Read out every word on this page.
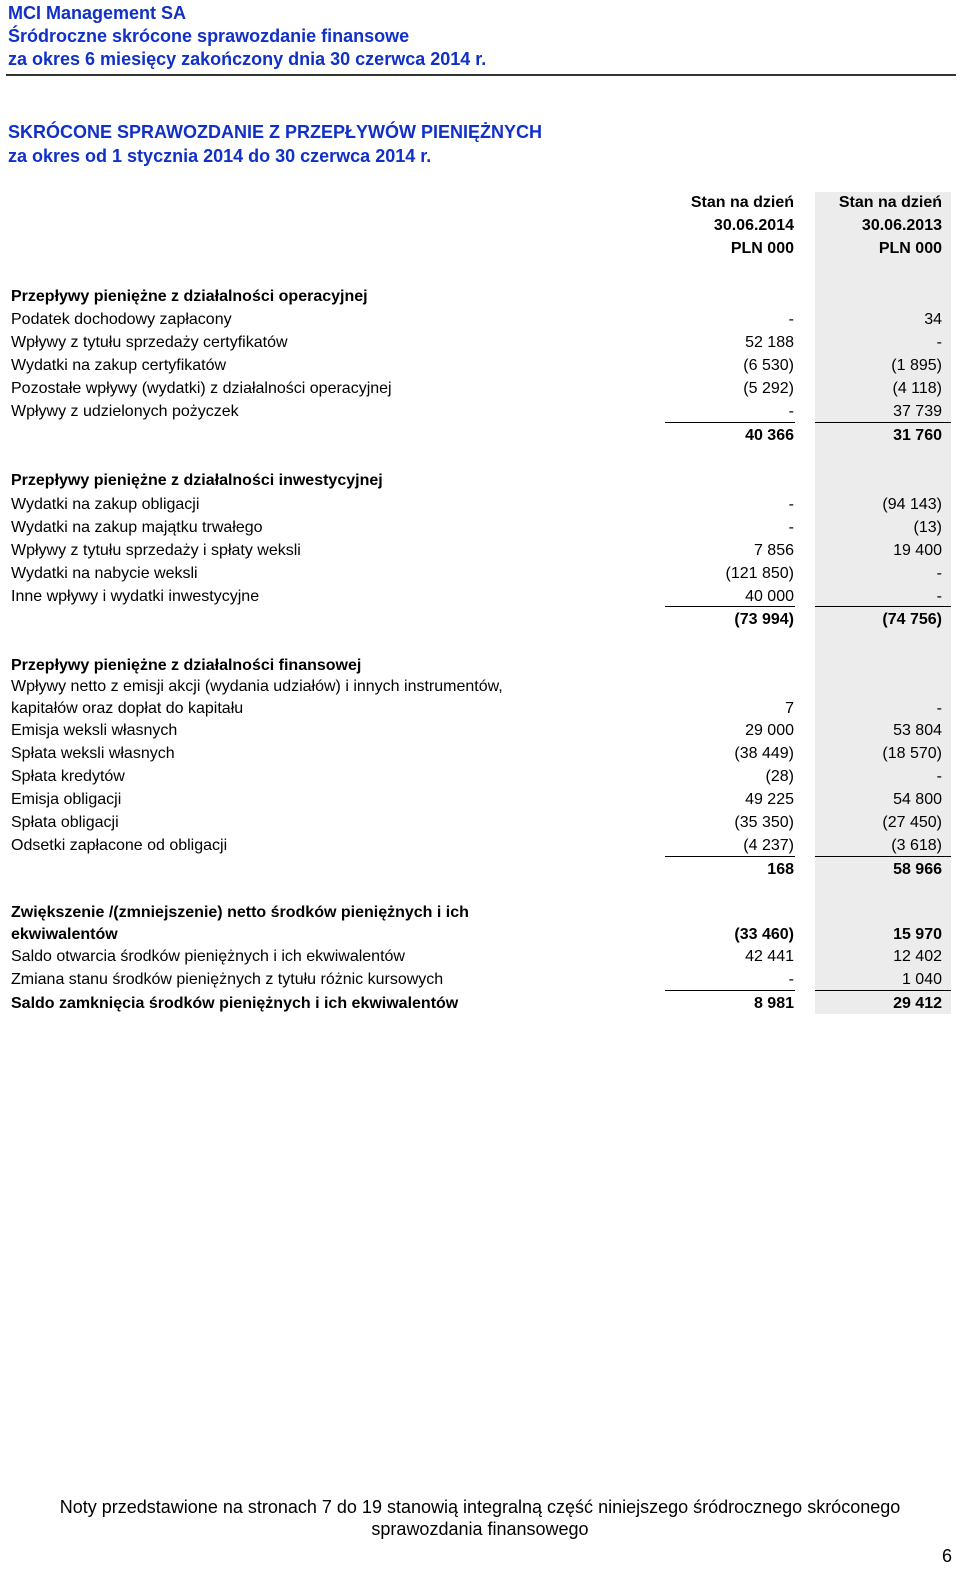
MCI Management SA
Śródroczne skrócone sprawozdanie finansowe
za okres 6 miesięcy zakończony dnia 30 czerwca 2014 r.
SKRÓCONE SPRAWOZDANIE Z PRZEPŁYWÓW PIENIĘŻNYCH
za okres od 1 stycznia 2014 do 30 czerwca 2014 r.
Stan na dzień
30.06.2014
PLN 000
Stan na dzień
30.06.2013
PLN 000
Przepływy pieniężne z działalności operacyjnej
Podatek dochodowy zapłacony	-	34
Wpływy z tytułu sprzedaży certyfikatów	52 188	-
Wydatki na zakup certyfikatów	(6 530)	(1 895)
Pozostałe wpływy (wydatki) z działalności operacyjnej	(5 292)	(4 118)
Wpływy z udzielonych pożyczek	-	37 739
40 366	31 760
Przepływy pieniężne z działalności inwestycyjnej
Wydatki na zakup obligacji	-	(94 143)
Wydatki na zakup majątku trwałego	-	(13)
Wpływy z tytułu sprzedaży i spłaty weksli	7 856	19 400
Wydatki na nabycie weksli	(121 850)	-
Inne wpływy i wydatki inwestycyjne	40 000	-
(73 994)	(74 756)
Przepływy pieniężne z działalności finansowej
Wpływy netto z emisji akcji (wydania udziałów) i innych instrumentów,
kapitałów oraz dopłat do kapitału	7	-
Emisja weksli własnych	29 000	53 804
Spłata weksli własnych	(38 449)	(18 570)
Spłata kredytów	(28)	-
Emisja obligacji	49 225	54 800
Spłata obligacji	(35 350)	(27 450)
Odsetki zapłacone od obligacji	(4 237)	(3 618)
168	58 966
Zwiększenie /(zmniejszenie) netto środków pieniężnych i ich
ekwiwalentów	(33 460)	15 970
Saldo otwarcia środków pieniężnych i ich ekwiwalentów	42 441	12 402
Zmiana stanu środków pieniężnych z tytułu różnic kursowych	-	1 040
Saldo zamknięcia środków pieniężnych i ich ekwiwalentów	8 981	29 412
Noty przedstawione na stronach 7 do 19 stanowią integralną część niniejszego śródrocznego skróconego
sprawozdania finansowego
6
